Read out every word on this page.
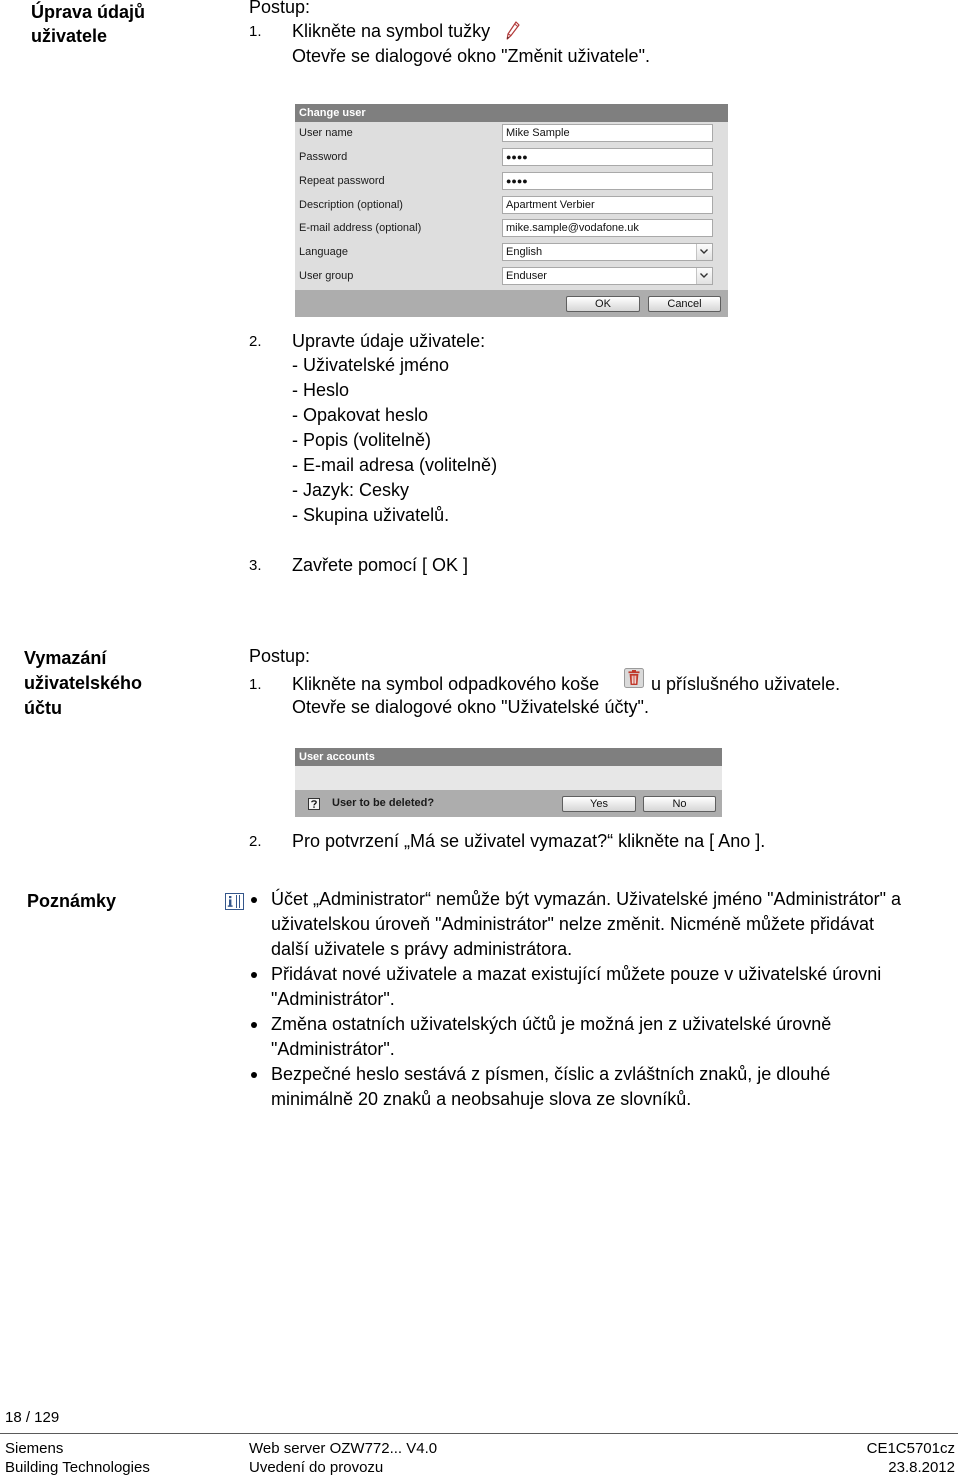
Úprava údajů
uživatele
Postup:
1. Klikněte na symbol tužky
Otevře se dialogové okno "Změnit uživatele".
Change user
User name	Mike Sample
Password	●●●●
Repeat password	●●●●
Description (optional)	Apartment Verbier
E-mail address (optional)	mike.sample@vodafone.uk
Language	English
User group	Enduser
OK	Cancel
2. Upravte údaje uživatele:
- Uživatelské jméno
- Heslo
- Opakovat heslo
- Popis (volitelně)
- E-mail adresa (volitelně)
- Jazyk: Cesky
- Skupina uživatelů.
3. Zavřete pomocí [ OK ]
Vymazání
uživatelského
účtu
Postup:
1. Klikněte na symbol odpadkového koše	u příslušného uživatele.
Otevře se dialogové okno "Uživatelské účty".
User accounts
User to be deleted?	Yes	No
2. Pro potvrzení „Má se uživatel vymazat?“ klikněte na [ Ano ].
Poznámky	Účet „Administrator“ nemůže být vymazán. Uživatelské jméno "Administrátor" a
uživatelskou úroveň "Administrátor" nelze změnit. Nicméně můžete přidávat
další uživatele s právy administrátora.
Přidávat nové uživatele a mazat existující můžete pouze v uživatelské úrovni
"Administrátor".
Změna ostatních uživatelských účtů je možná jen z uživatelské úrovně
"Administrátor".
Bezpečné heslo sestává z písmen, číslic a zvláštních znaků, je dlouhé
minimálně 20 znaků a neobsahuje slova ze slovníků.
18 / 129
Siemens
Building Technologies
Web server OZW772... V4.0
Uvedení do provozu
CE1C5701cz
23.8.2012
